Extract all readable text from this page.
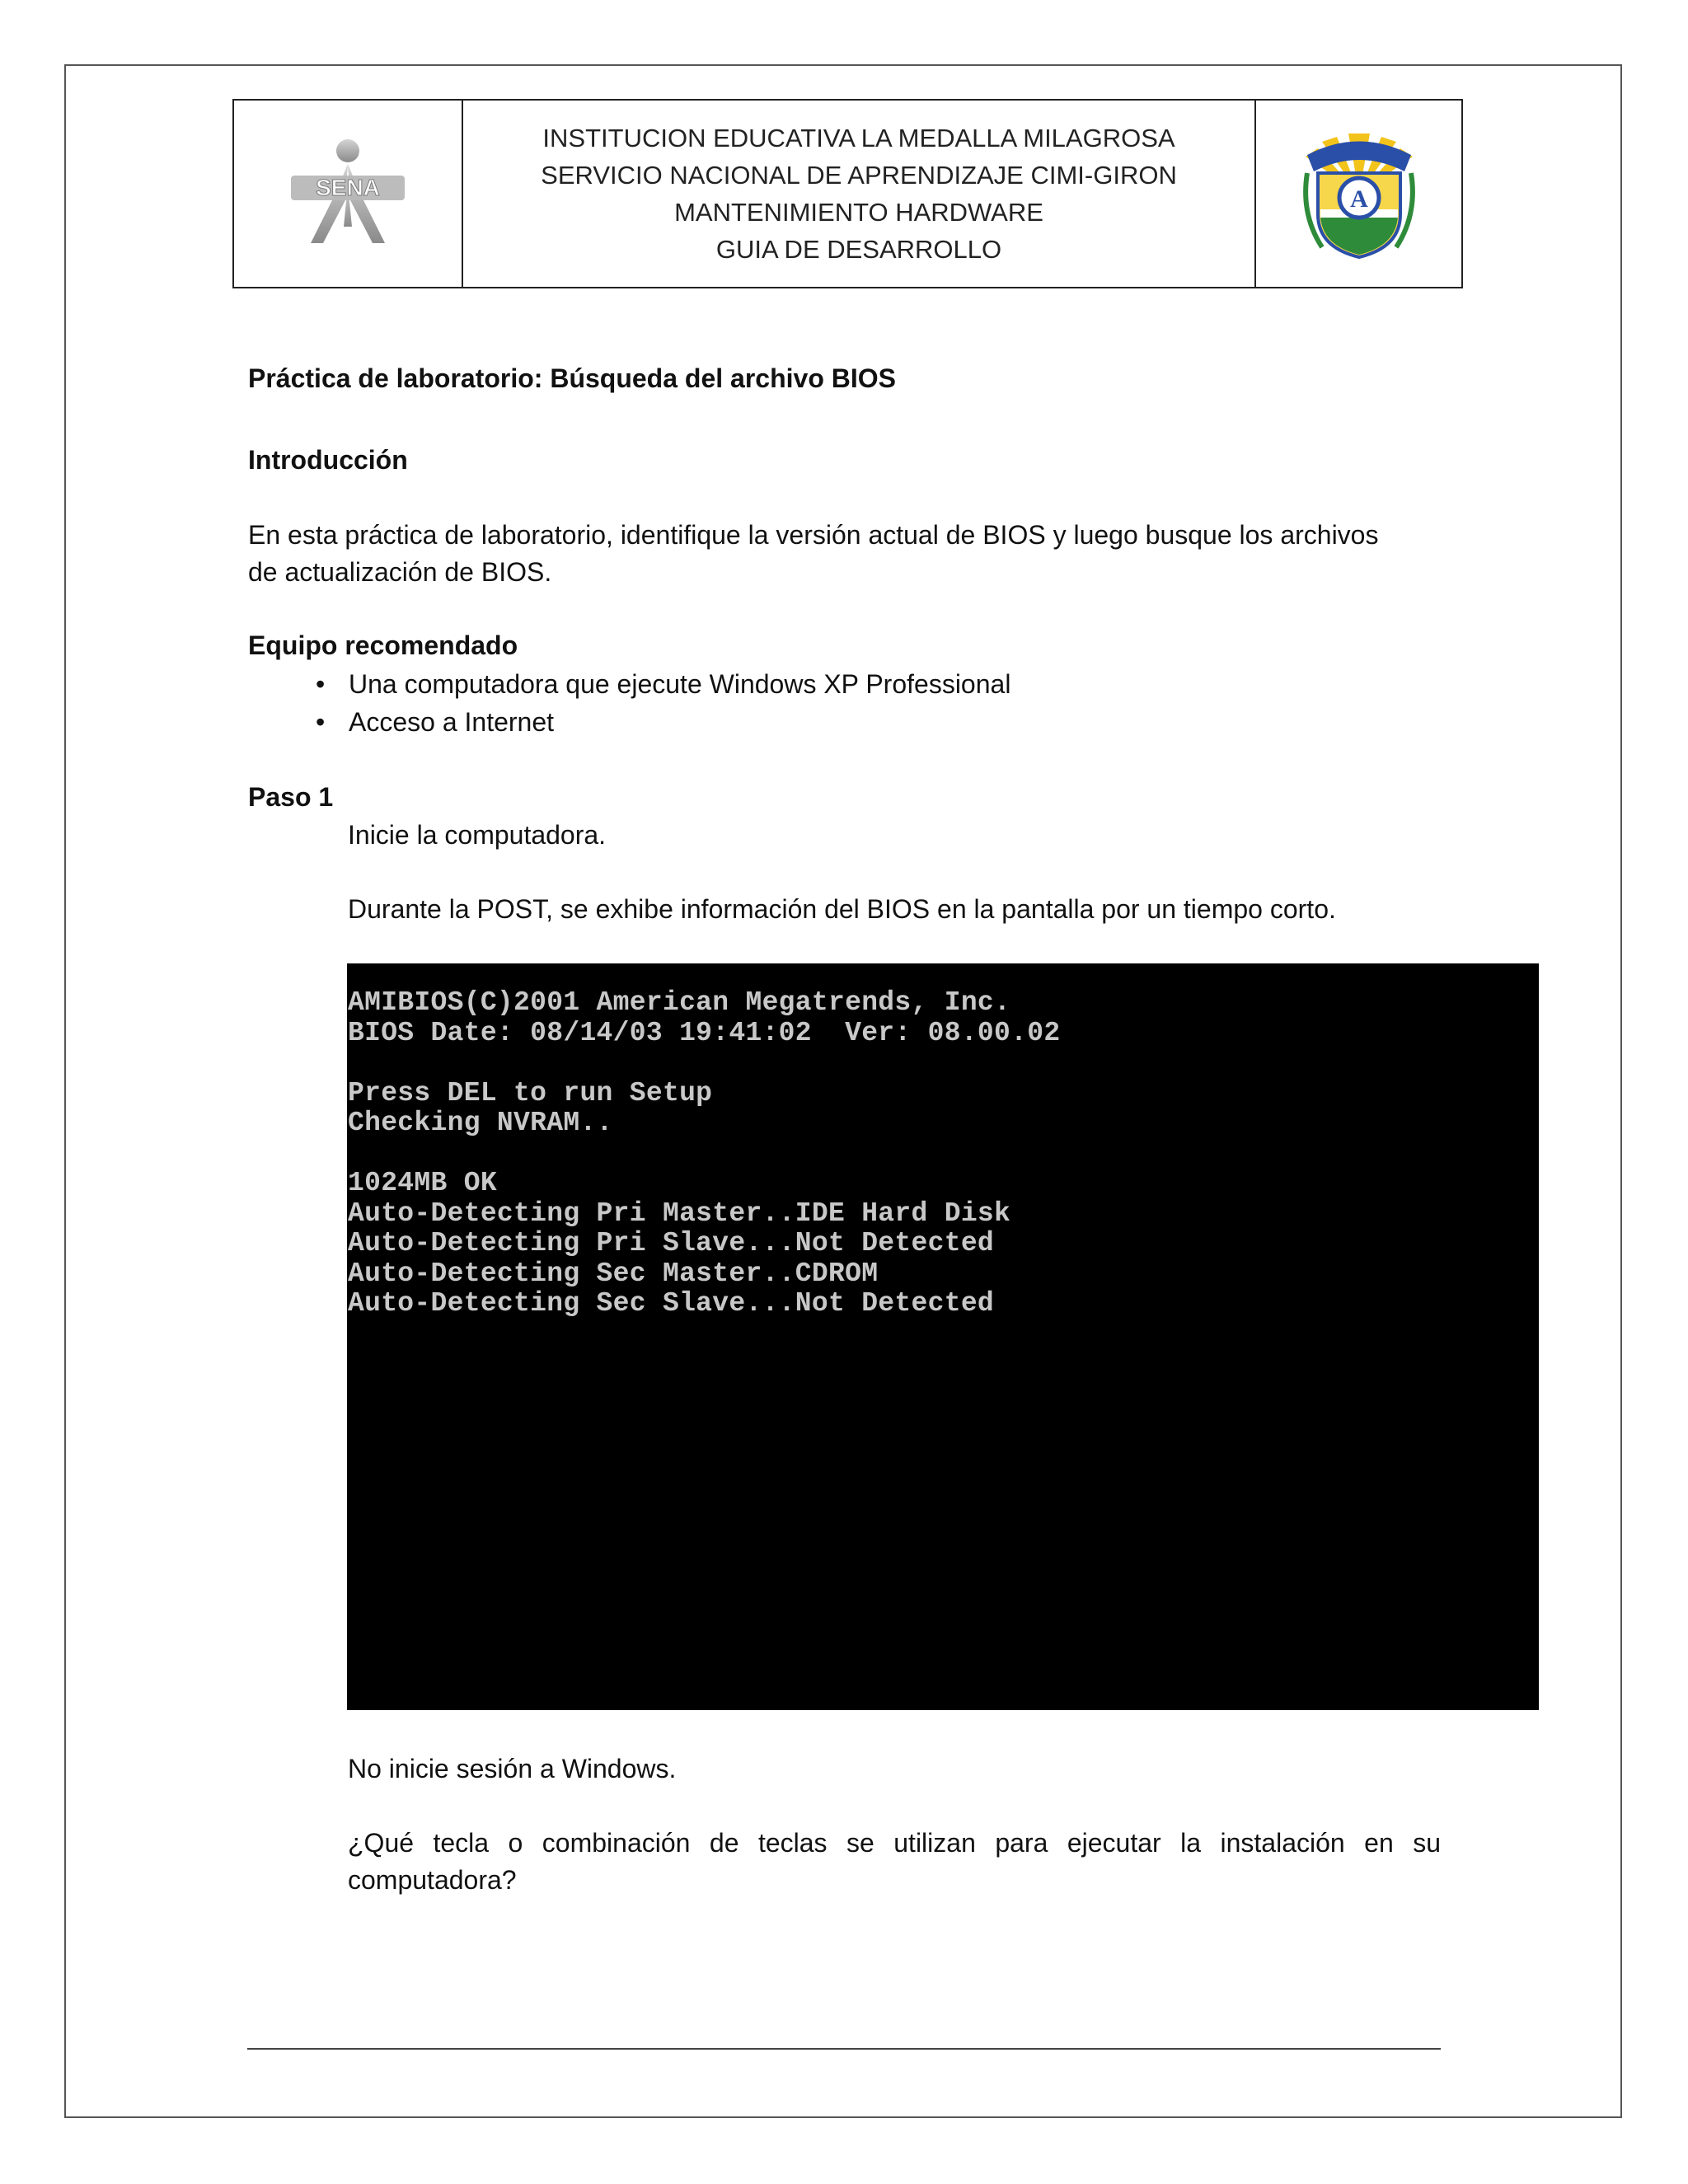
SENA
INSTITUCION EDUCATIVA LA MEDALLA MILAGROSA
SERVICIO NACIONAL DE APRENDIZAJE CIMI-GIRON
MANTENIMIENTO HARDWARE
GUIA DE DESARROLLO
A
Práctica de laboratorio: Búsqueda del archivo BIOS
Introducción
En esta práctica de laboratorio, identifique la versión actual de BIOS y luego busque los archivos
de actualización de BIOS.
Equipo recomendado
• Una computadora que ejecute Windows XP Professional
• Acceso a Internet
Paso 1
Inicie la computadora.
Durante la POST, se exhibe información del BIOS en la pantalla por un tiempo corto.
AMIBIOS(C)2001 American Megatrends, Inc.
BIOS Date: 08/14/03 19:41:02  Ver: 08.00.02
Press DEL to run Setup
Checking NVRAM..
1024MB OK
Auto-Detecting Pri Master..IDE Hard Disk
Auto-Detecting Pri Slave...Not Detected
Auto-Detecting Sec Master..CDROM
Auto-Detecting Sec Slave...Not Detected
No inicie sesión a Windows.
¿Qué tecla o combinación de teclas se utilizan para ejecutar la instalación en su
computadora?
